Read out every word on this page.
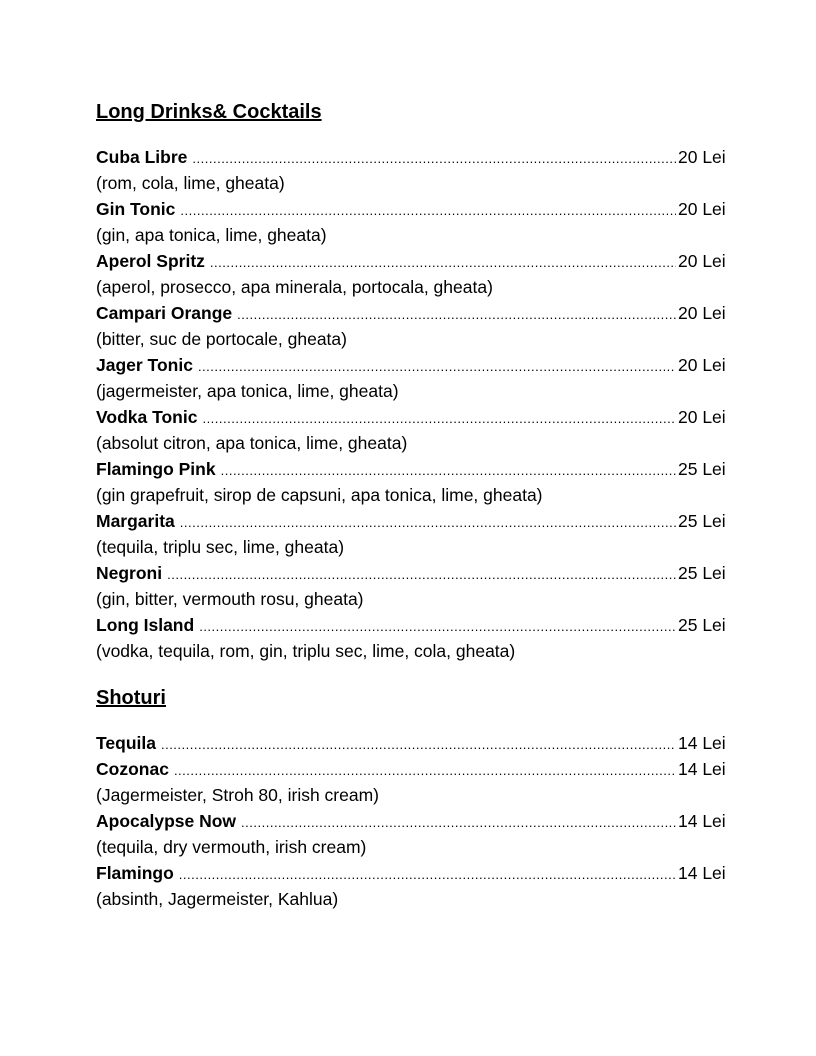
Long Drinks& Cocktails
Cuba Libre .....	20 Lei
(rom, cola, lime, gheata)
Gin Tonic .....	20 Lei
(gin, apa tonica, lime, gheata)
Aperol Spritz .....	20 Lei
(aperol, prosecco, apa minerala, portocala, gheata)
Campari Orange .....	20 Lei
(bitter, suc de portocale, gheata)
Jager Tonic .....	20 Lei
(jagermeister, apa tonica, lime, gheata)
Vodka Tonic .....	20 Lei
(absolut citron, apa tonica, lime, gheata)
Flamingo Pink .....	25 Lei
(gin grapefruit, sirop de capsuni, apa tonica, lime, gheata)
Margarita .....	25 Lei
(tequila, triplu sec, lime, gheata)
Negroni .....	25 Lei
(gin, bitter, vermouth rosu, gheata)
Long Island .....	25 Lei
(vodka, tequila, rom, gin, triplu sec, lime, cola, gheata)
Shoturi
Tequila .....	14 Lei
Cozonac .....	14 Lei
(Jagermeister, Stroh 80, irish cream)
Apocalypse Now .....	14 Lei
(tequila, dry vermouth, irish cream)
Flamingo .....	14 Lei
(absinth, Jagermeister, Kahlua)
